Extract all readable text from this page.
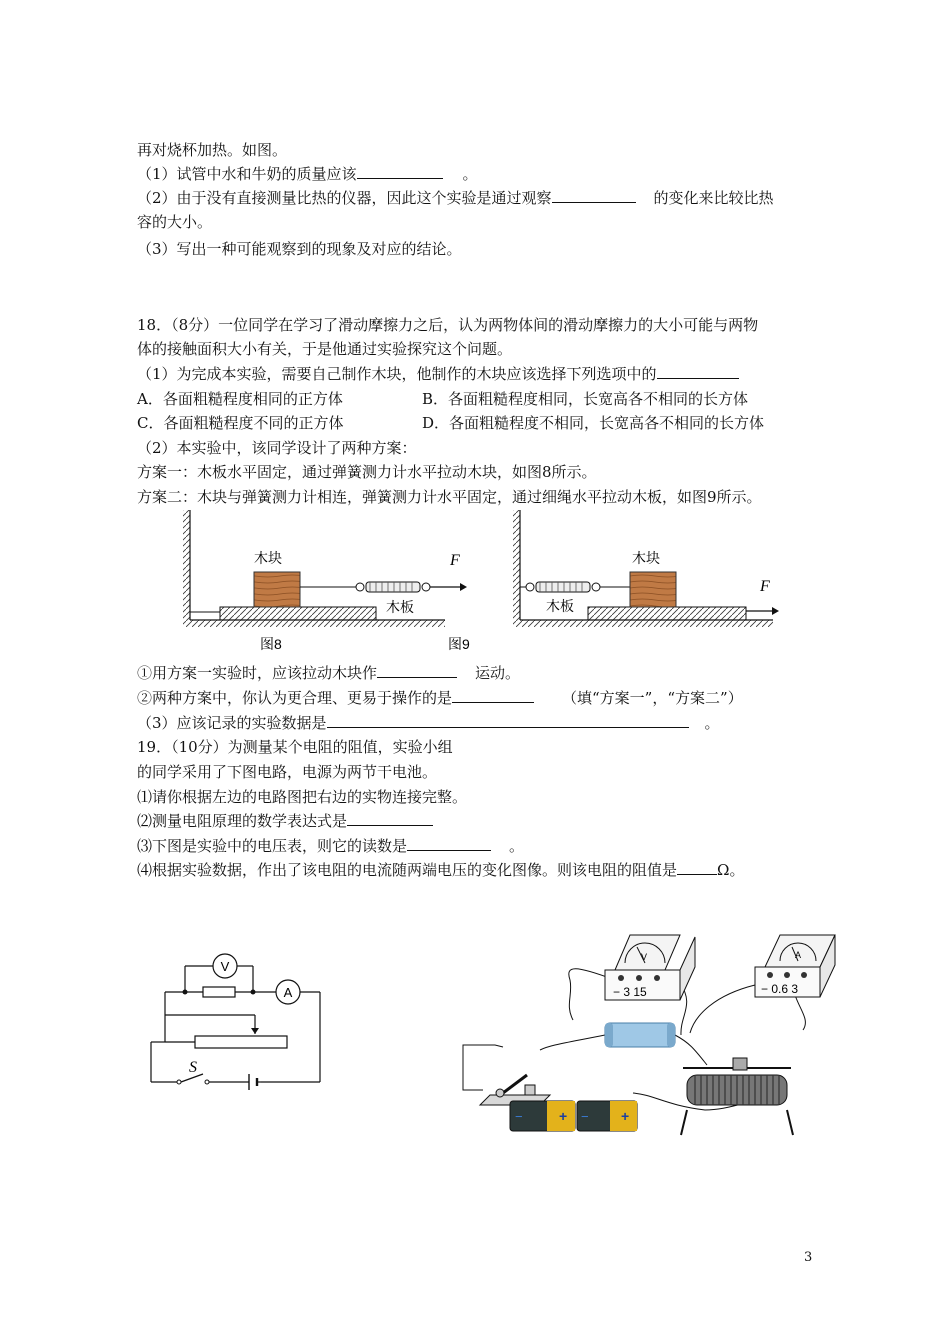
再对烧杯加热。如图。
（1）试管中水和牛奶的质量应该	。
（2）由于没有直接测量比热的仪器，因此这个实验是通过观察	的变化来比较比热
容的大小。
（3）写出一种可能观察到的现象及对应的结论。
18．（8分）一位同学在学习了滑动摩擦力之后，认为两物体间的滑动摩擦力的大小可能与两物
体的接触面积大小有关，于是他通过实验探究这个问题。
（1）为完成本实验，需要自己制作木块，他制作的木块应该选择下列选项中的
A．各面粗糙程度相同的正方体	B．各面粗糙程度相同，长宽高各不相同的长方体
C．各面粗糙程度不同的正方体	D．各面粗糙程度不相同，长宽高各不相同的长方体
（2）本实验中，该同学设计了两种方案：
方案一：木板水平固定，通过弹簧测力计水平拉动木块，如图8所示。
方案二：木块与弹簧测力计相连，弹簧测力计水平固定，通过细绳水平拉动木板，如图9所示。
木块	F
木板
图8
木块
F
木板
图9
①用方案一实验时，应该拉动木块作	运动。
②两种方案中，你认为更合理、更易于操作的是	（填“方案一”，“方案二”）
（3）应该记录的实验数据是	。
19．（10分）为测量某个电阻的阻值，实验小组
的同学采用了下图电路，电源为两节干电池。
⑴请你根据左边的电路图把右边的实物连接完整。
⑵测量电阻原理的数学表达式是
⑶下图是实验中的电压表，则它的读数是	。
⑷根据实验数据，作出了该电阻的电流随两端电压的变化图像。则该电阻的阻值是	Ω。
V
A
S
V
− 3 15
A
− 0.6 3
−	+ − +
3
